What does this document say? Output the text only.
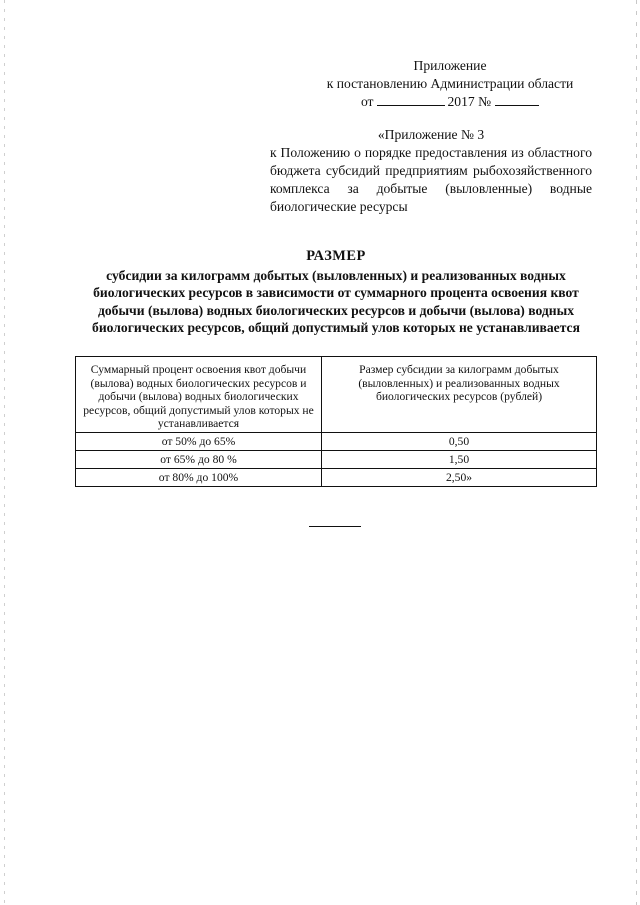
Приложение
к постановлению Администрации области
от	2017 №
«Приложение № 3
к Положению о порядке предоставления из областного бюджета субсидий предприятиям рыбохозяйственного комплекса за добытые (выловленные) водные биологические ресурсы
РАЗМЕР
субсидии за килограмм добытых (выловленных) и реализованных водных биологических ресурсов в зависимости от суммарного процента освоения квот добычи (вылова) водных биологических ресурсов и добычи (вылова) водных биологических ресурсов, общий допустимый улов которых не устанавливается
Суммарный процент освоения квот добычи (вылова) водных биологических ресурсов и добычи (вылова) водных биологических ресурсов, общий допустимый улов которых не устанавливается	Размер субсидии за килограмм добытых (выловленных) и реализованных водных биологических ресурсов (рублей)
от 50% до 65%	0,50
от 65% до 80 %	1,50
от 80% до 100%	2,50»
